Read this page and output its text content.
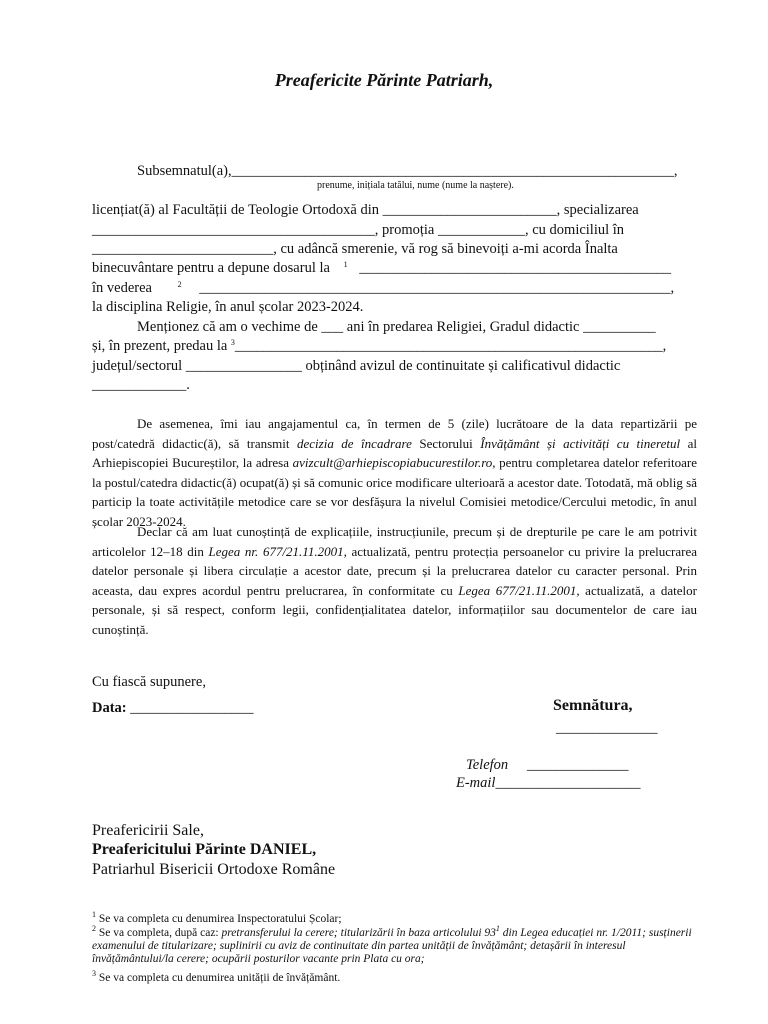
Preafericite Părinte Patriarh,
Subsemnatul(a),_____________________________________________________________,
prenume, inițiala tatălui, nume (nume la naștere).
licențiat(ă) al Facultății de Teologie Ortodoxă din ________________________, specializarea
_______________________________________, promoția ____________, cu domiciliul în
_________________________, cu adâncă smerenie, vă rog să binevoiți a-mi acorda Înalta
binecuvântare pentru a depune dosarul la $^1$ ___________________________________________
în vederea	$^2$ _________________________________________________________________,
la disciplina Religie, în anul școlar 2023-2024.
Menționez că am o vechime de ___ ani în predarea Religiei, Gradul didactic __________
și, în prezent, predau la $^3$___________________________________________________________,
județul/sectorul ________________ obținând avizul de continuitate și calificativul didactic
_____________.
De asemenea, îmi iau angajamentul ca, în termen de 5 (zile) lucrătoare de la data repartizării pe post/catedră didactic(ă), să transmit decizia de încadrare Sectorului Învățământ și activități cu tineretul al Arhiepiscopiei Bucureștilor, la adresa avizcult@arhiepiscopiabucurestilor.ro, pentru completarea datelor referitoare la postul/catedra didactic(ă) ocupat(ă) și să comunic orice modificare ulterioară a acestor date. Totodată, mă oblig să particip la toate activitățile metodice care se vor desfășura la nivelul Comisiei metodice/Cercului metodic, în anul școlar 2023-2024.
Declar că am luat cunoștință de explicațiile, instrucțiunile, precum și de drepturile pe care le am potrivit articolelor 12–18 din Legea nr. 677/21.11.2001, actualizată, pentru protecția persoanelor cu privire la prelucrarea datelor personale și libera circulație a acestor date, precum și la prelucrarea datelor cu caracter personal. Prin aceasta, dau expres acordul pentru prelucrarea, în conformitate cu Legea 677/21.11.2001, actualizată, a datelor personale, și să respect, conform legii, confidențialitatea datelor, informațiilor sau documentelor de care iau cunoștință.
Cu fiască supunere,
Data: _________________	Semnătura,
______________
Telefon ______________
E-mail____________________
Preafericirii Sale,
Preafericitului Părinte DANIEL,
Patriarhul Bisericii Ortodoxe Române
$^1$ Se va completa cu denumirea Inspectoratului Școlar;
$^2$ Se va completa, după caz: pretransferului la cerere; titularizării în baza articolului $93^1$ din Legea educației nr. 1/2011; susținerii examenului de titularizare; suplinirii cu aviz de continuitate din partea unității de învățământ; detașării în interesul învățământului/la cerere; ocupării posturilor vacante prin Plata cu ora;
$^3$ Se va completa cu denumirea unității de învățământ.
